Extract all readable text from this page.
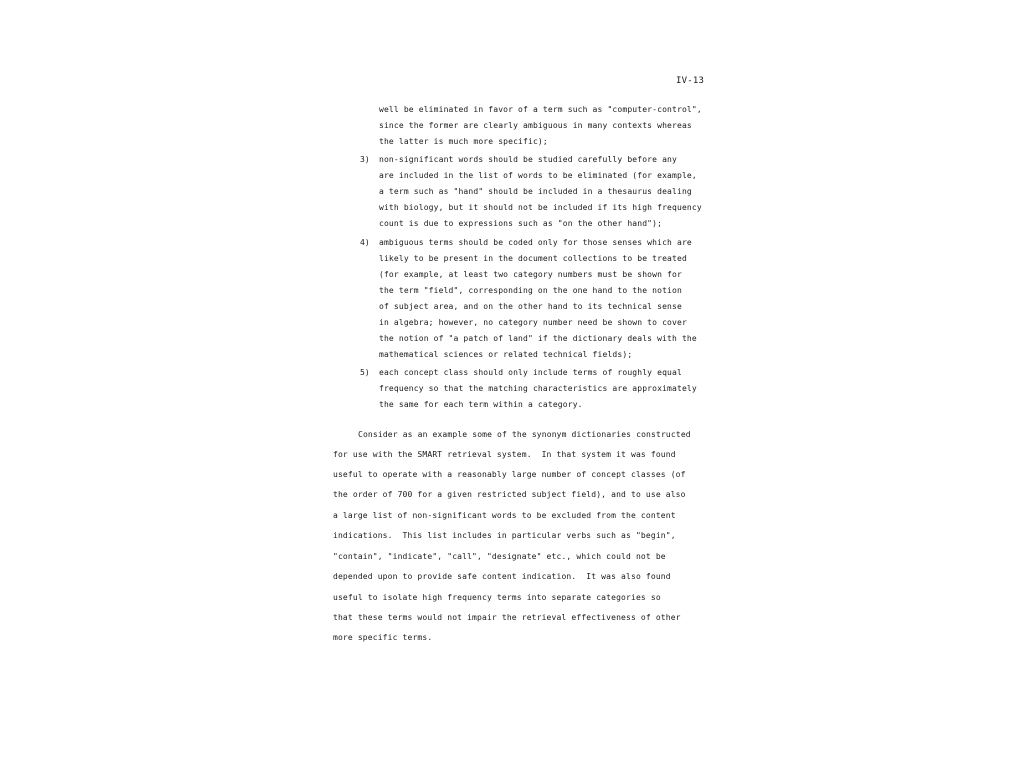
IV-13
well be eliminated in favor of a term such as "computer-control",
since the former are clearly ambiguous in many contexts whereas
the latter is much more specific);
3) non-significant words should be studied carefully before any
are included in the list of words to be eliminated (for example,
a term such as "hand" should be included in a thesaurus dealing
with biology, but it should not be included if its high frequency
count is due to expressions such as "on the other hand");
4) ambiguous terms should be coded only for those senses which are
likely to be present in the document collections to be treated
(for example, at least two category numbers must be shown for
the term "field", corresponding on the one hand to the notion
of subject area, and on the other hand to its technical sense
in algebra; however, no category number need be shown to cover
the notion of "a patch of land" if the dictionary deals with the
mathematical sciences or related technical fields);
5) each concept class should only include terms of roughly equal
frequency so that the matching characteristics are approximately
the same for each term within a category.
Consider as an example some of the synonym dictionaries constructed
for use with the SMART retrieval system.  In that system it was found
useful to operate with a reasonably large number of concept classes (of
the order of 700 for a given restricted subject field), and to use also
a large list of non-significant words to be excluded from the content
indications.  This list includes in particular verbs such as "begin",
"contain", "indicate", "call", "designate" etc., which could not be
depended upon to provide safe content indication.  It was also found
useful to isolate high frequency terms into separate categories so
that these terms would not impair the retrieval effectiveness of other
more specific terms.
